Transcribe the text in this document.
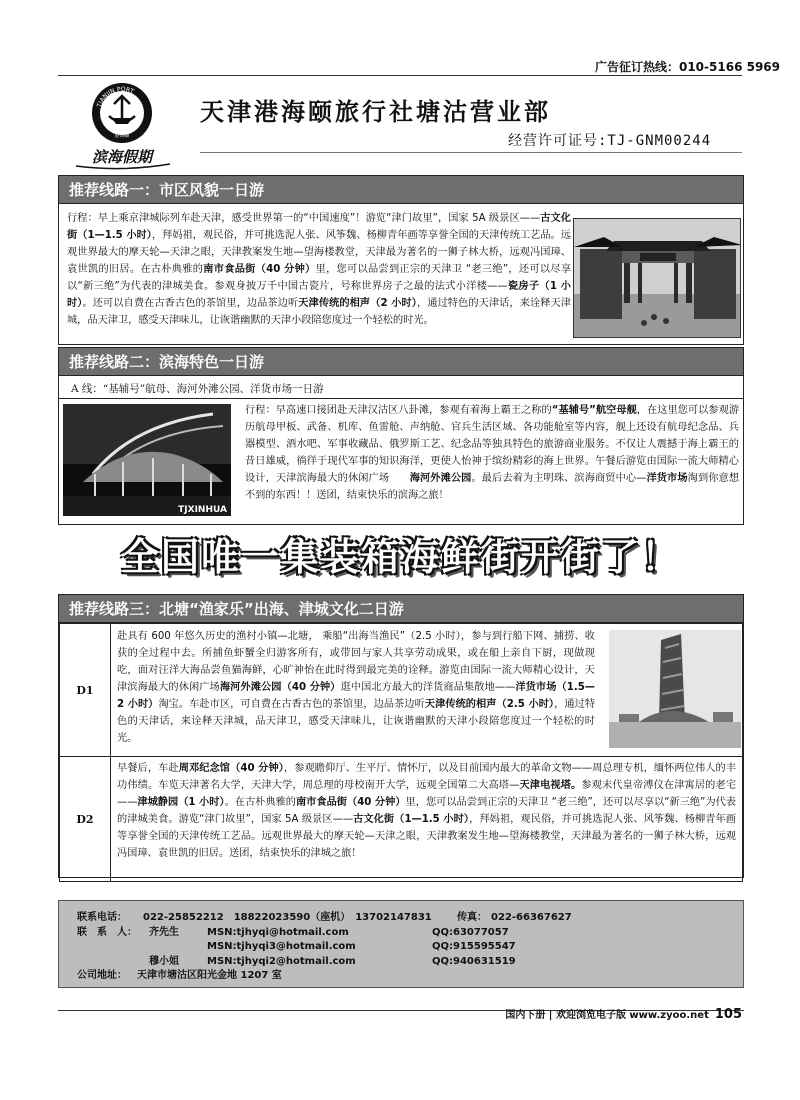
广告征订热线：010-5166 5969
TIANJIN PORT
港海颐
滨海假期
天津港海颐旅行社塘沽营业部
经营许可证号:TJ-GNM00244
推荐线路一：市区风貌一日游
行程：早上乘京津城际列车赴天津，感受世界第一的“中国速度”！游览“津门故里”，国家 5A 级景区——古文化街（1—1.5 小时），拜妈祖，观民俗，并可挑选泥人张、风筝魏、杨柳青年画等享誉全国的天津传统工艺品。远观世界最大的摩天轮—天津之眼，天津教案发生地—望海楼教堂，天津最为著名的一狮子林大桥，远观冯国璋、袁世凯的旧居。在古朴典雅的南市食品街（40 分钟）里，您可以品尝到正宗的天津卫 “老三绝”，还可以尽享以“新三绝”为代表的津城美食。参观身披万千中国古瓷片，号称世界房子之最的法式小洋楼——瓷房子（1 小时）。还可以自费在古香古色的茶馆里，边品茶边听天津传统的相声（2 小时），通过特色的天津话，来诠释天津城，品天津卫，感受天津味儿，让诙谐幽默的天津小段陪您度过一个轻松的时光。
推荐线路二：滨海特色一日游
A 线：“基辅号”航母、海河外滩公园、洋货市场一日游
TJXINHUA
行程：早高速口接团赴天津汉沽区八卦滩，参观有着海上霸王之称的“基辅号”航空母舰，在这里您可以参观游历航母甲板、武备、机库、鱼雷舱、声纳舱、官兵生活区域、各功能舱室等内容，舰上还设有航母纪念品、兵器模型、酒水吧、军事收藏品、俄罗斯工艺、纪念品等独具特色的旅游商业服务。不仅让人震撼于海上霸王的昔日雄威，徜徉于现代军事的知识海洋，更使人怡神于缤纷精彩的海上世界。午餐后游览由国际一流大师精心设计，天津滨海最大的休闲广场　　海河外滩公园。最后去着为主明珠、滨海商贸中心—洋货市场淘到你意想不到的东西！！送团，结束快乐的滨海之旅！
全国唯一集装箱海鲜街开街了！
推荐线路三：北塘“渔家乐”出海、津城文化二日游
D1	赴具有 600 年悠久历史的渔村小镇—北塘， 乘船“出海当渔民”（2.5 小时），参与到行船下网、捕捞、收获的全过程中去。所捕鱼虾蟹全归游客所有，或带回与家人共享劳动成果，或在船上亲自下厨，现做现吃，面对汪洋大海品尝鱼猫海鲜，心旷神怡在此时得到最完美的诠释。游览由国际一流大师精心设计，天津滨海最大的休闲广场海河外滩公园（40 分钟）逛中国北方最大的洋货商品集散地——洋货市场（1.5—2 小时）淘宝。车赴市区，可自费在古香古色的茶馆里，边品茶边听天津传统的相声（2.5 小时），通过特色的天津话，来诠释天津城，品天津卫，感受天津味儿，让诙谐幽默的天津小段陪您度过一个轻松的时光。

D2	早餐后，车赴周邓纪念馆（40 分钟），参观瞻仰厅、生平厅、情怀厅，以及目前国内最大的革命文物——周总理专机，缅怀两位伟人的丰功伟绩。车览天津著名大学，天津大学，周总理的母校南开大学，远观全国第二大高塔—天津电视塔。参观末代皇帝溥仪在津寓居的老宅——津城静园（1 小时）。在古朴典雅的南市食品街（40 分钟）里，您可以品尝到正宗的天津卫 “老三绝”，还可以尽享以“新三绝”为代表的津城美食。游览“津门故里”，国家 5A 级景区——古文化街（1—1.5 小时），拜妈祖，观民俗，并可挑选泥人张、风筝魏、杨柳青年画等享誉全国的天津传统工艺品。远观世界最大的摩天轮—天津之眼，天津教案发生地—望海楼教堂，天津最为著名的一狮子林大桥，远观冯国璋、袁世凯的旧居。送团，结束快乐的津城之旅！
联系电话： 022-25852212　18822023590（座机）　13702147831	传真： 022-66367627
联　系　人： 齐先生	MSN:tjhyqi@hotmail.com	QQ:63077057
MSN:tjhyqi3@hotmail.com	QQ:915595547
穆小姐	MSN:tjhyqi2@hotmail.com	QQ:940631519
公司地址： 天津市塘沽区阳光金地 1207 室
国内下册 | 欢迎浏览电子版 www.zyoo.net 105
